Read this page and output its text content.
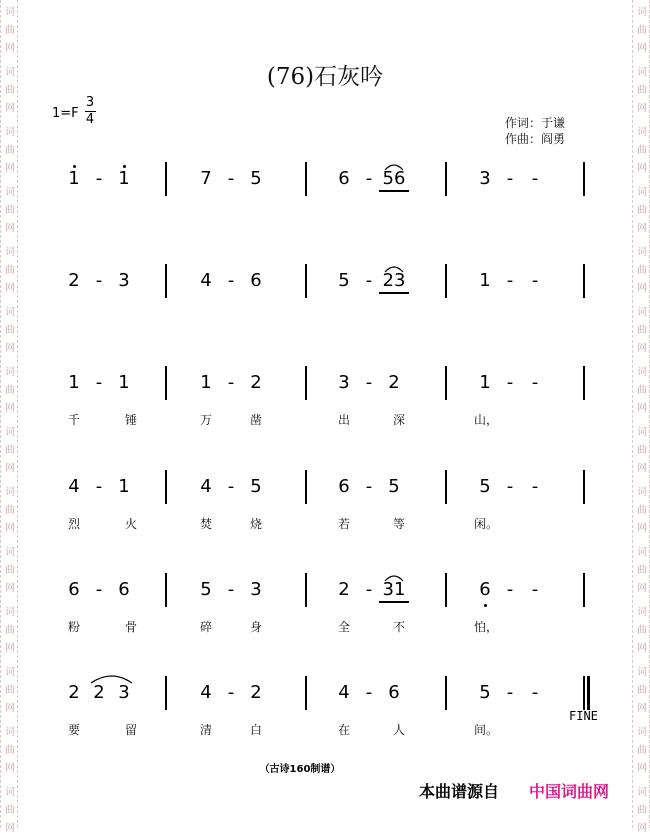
词
曲
网
词
曲
网
词
曲
网
词
曲
网
词
曲
网
词
曲
网
词
曲
网
词
曲
网
词
曲
网
词
曲
网
词
曲
网
词
曲
网
词
曲
网
词
曲
网
词
曲
网
词
曲
网
词
曲
网
词
曲
网
词
曲
网
词
曲
网
词
曲
网
词
曲
网
词
曲
网
词
曲
网
词
曲
网
词
曲
网
词
曲
网
词
曲
网
(76)石灰吟
1=F
3
4	作词：于谦
作曲：阎勇
1 - 1	7 - 5	6 - 56	3 -	-
2 - 3	4 - 6	5 - 23	1 -	-
1 - 1	1 - 2	3 - 2	1 -	-
千	锤	万	凿	出	深	山，
4 - 1	4 - 5	6 - 5	5 -	-
烈	火	焚	烧	若	等	闲。
6 - 6	5 - 3	2 - 31	6 -	-
粉	骨	碎	身	全	不	怕，
2 2 3	4 - 2	4 - 6	5 -	-
FINE
要	留	清	白	在	人	间。
（古诗160制谱）
本曲谱源自 中国词曲网
